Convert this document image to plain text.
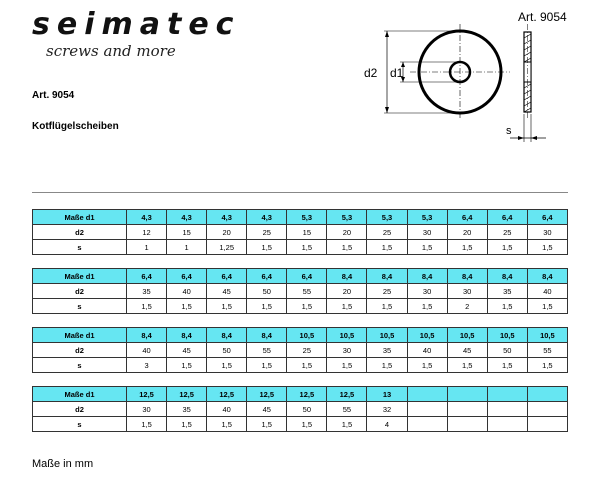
seimatec
screws and more
Art. 9054
d2 d1
s
Art. 9054
Kotflügelscheiben
Maße d1	4,3	4,3	4,3	4,3	5,3	5,3	5,3	5,3	6,4	6,4	6,4
d2	12	15	20	25	15	20	25	30	20	25	30
s	1	1	1,25	1,5	1,5	1,5	1,5	1,5	1,5	1,5	1,5
Maße d1	6,4	6,4	6,4	6,4	6,4	8,4	8,4	8,4	8,4	8,4	8,4
d2	35	40	45	50	55	20	25	30	30	35	40
s	1,5	1,5	1,5	1,5	1,5	1,5	1,5	1,5	2	1,5	1,5
Maße d1	8,4	8,4	8,4	8,4	10,5	10,5	10,5	10,5	10,5	10,5	10,5
d2	40	45	50	55	25	30	35	40	45	50	55
s	3	1,5	1,5	1,5	1,5	1,5	1,5	1,5	1,5	1,5	1,5
Maße d1	12,5	12,5	12,5	12,5	12,5	12,5	13				
d2	30	35	40	45	50	55	32				
s	1,5	1,5	1,5	1,5	1,5	1,5	4				
Maße in mm
